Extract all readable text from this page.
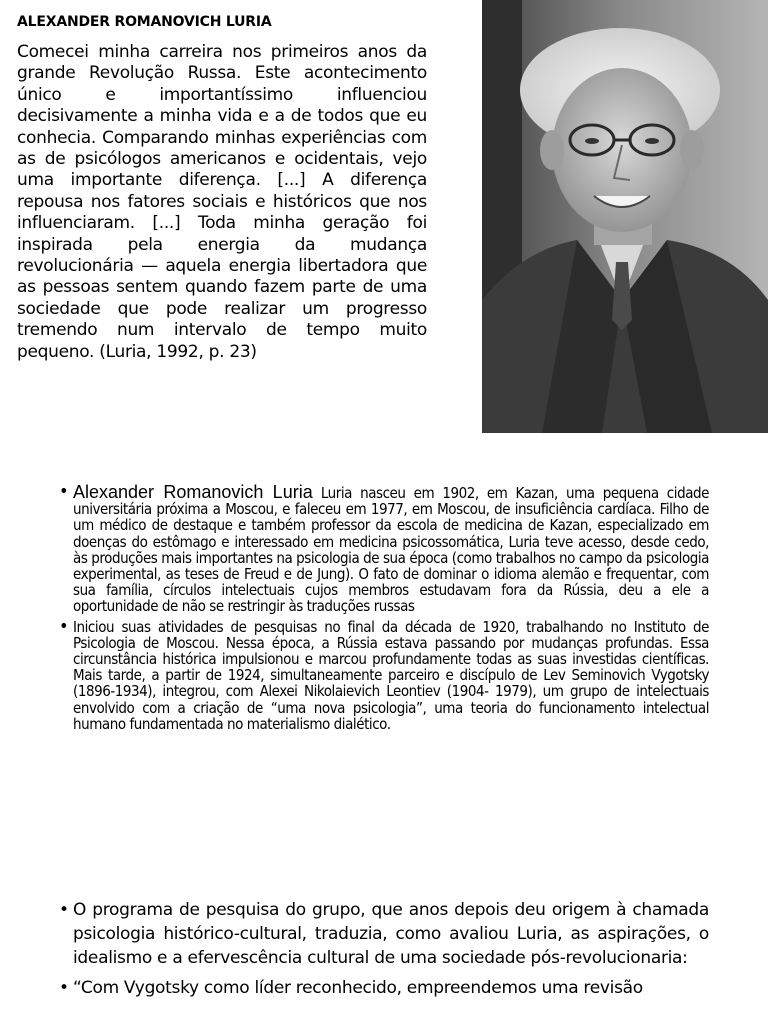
ALEXANDER ROMANOVICH LURIA
Comecei minha carreira nos primeiros anos da grande Revolução Russa. Este acontecimento único e importantíssimo influenciou decisivamente a minha vida e a de todos que eu conhecia. Comparando minhas experiências com as de psicólogos americanos e ocidentais, vejo uma importante diferença. [...] A diferença repousa nos fatores sociais e históricos que nos influenciaram. [...] Toda minha geração foi inspirada pela energia da mudança revolucionária — aquela energia libertadora que as pessoas sentem quando fazem parte de uma sociedade que pode realizar um progresso tremendo num intervalo de tempo muito pequeno. (Luria, 1992, p. 23)
• Alexander Romanovich Luria Luria nasceu em 1902, em Kazan, uma pequena cidade universitária próxima a Moscou, e faleceu em 1977, em Moscou, de insuficiência cardíaca. Filho de um médico de destaque e também professor da escola de medicina de Kazan, especializado em doenças do estômago e interessado em medicina psicossomática, Luria teve acesso, desde cedo, às produções mais importantes na psicologia de sua época (como trabalhos no campo da psicologia experimental, as teses de Freud e de Jung). O fato de dominar o idioma alemão e frequentar, com sua família, círculos intelectuais cujos membros estudavam fora da Rússia, deu a ele a oportunidade de não se restringir às traduções russas
• Iniciou suas atividades de pesquisas no final da década de 1920, trabalhando no Instituto de Psicologia de Moscou. Nessa época, a Rússia estava passando por mudanças profundas. Essa circunstância histórica impulsionou e marcou profundamente todas as suas investidas científicas. Mais tarde, a partir de 1924, simultaneamente parceiro e discípulo de Lev Seminovich Vygotsky (1896-1934), integrou, com Alexei Nikolaievich Leontiev (1904- 1979), um grupo de intelectuais envolvido com a criação de “uma nova psicologia”, uma teoria do funcionamento intelectual humano fundamentada no materialismo dialético.
• O programa de pesquisa do grupo, que anos depois deu origem à chamada psicologia histórico-cultural, traduzia, como avaliou Luria, as aspirações, o idealismo e a efervescência cultural de uma sociedade pós-revolucionaria:
• “Com Vygotsky como líder reconhecido, empreendemos uma revisão
